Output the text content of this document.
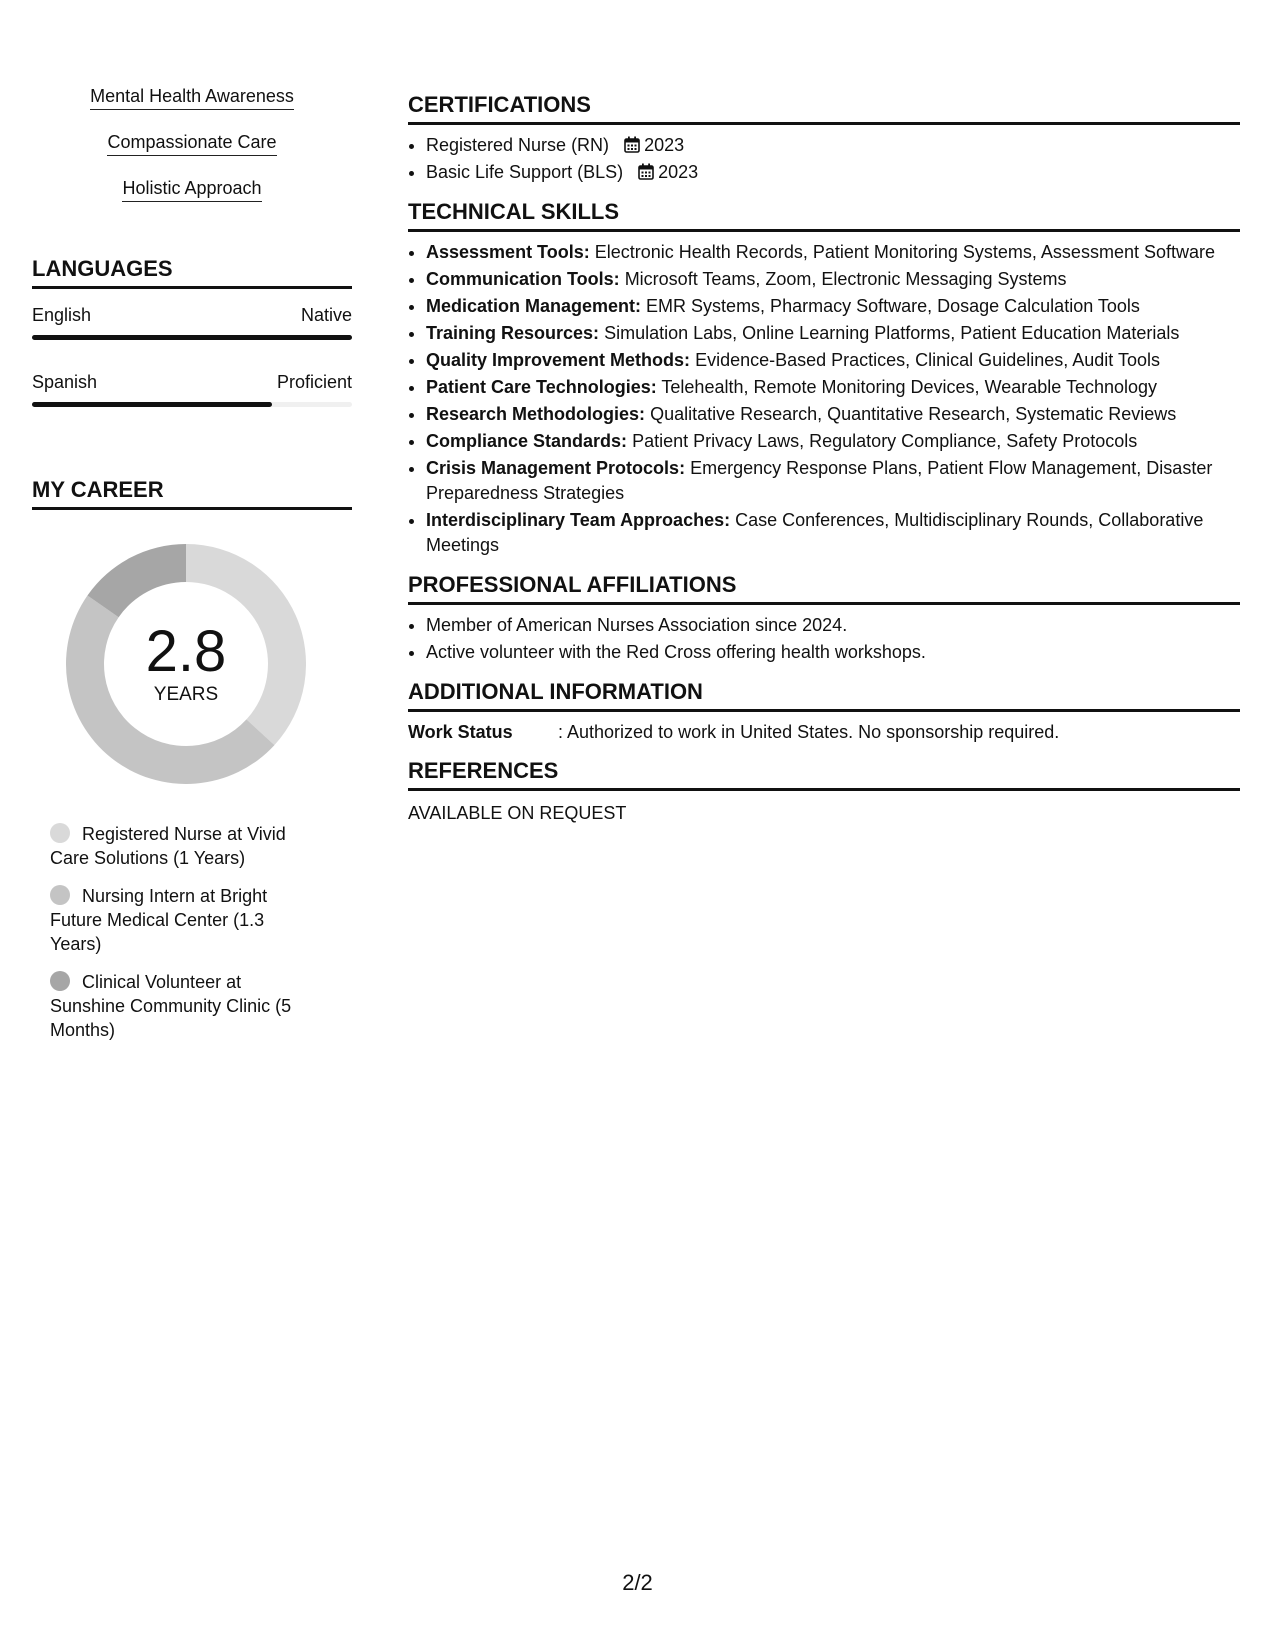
Mental Health Awareness
Compassionate Care
Holistic Approach
LANGUAGES
English	Native
Spanish	Proficient
MY CAREER
2.8
YEARS
Registered Nurse at Vivid Care Solutions (1 Years)
Nursing Intern at Bright Future Medical Center (1.3 Years)
Clinical Volunteer at Sunshine Community Clinic (5 Months)
CERTIFICATIONS
• Registered Nurse (RN) 2023
• Basic Life Support (BLS) 2023
TECHNICAL SKILLS
• Assessment Tools: Electronic Health Records, Patient Monitoring Systems, Assessment Software
• Communication Tools: Microsoft Teams, Zoom, Electronic Messaging Systems
• Medication Management: EMR Systems, Pharmacy Software, Dosage Calculation Tools
• Training Resources: Simulation Labs, Online Learning Platforms, Patient Education Materials
• Quality Improvement Methods: Evidence-Based Practices, Clinical Guidelines, Audit Tools
• Patient Care Technologies: Telehealth, Remote Monitoring Devices, Wearable Technology
• Research Methodologies: Qualitative Research, Quantitative Research, Systematic Reviews
• Compliance Standards: Patient Privacy Laws, Regulatory Compliance, Safety Protocols
• Crisis Management Protocols: Emergency Response Plans, Patient Flow Management, Disaster Preparedness Strategies
• Interdisciplinary Team Approaches: Case Conferences, Multidisciplinary Rounds, Collaborative Meetings
PROFESSIONAL AFFILIATIONS
• Member of American Nurses Association since 2024.
• Active volunteer with the Red Cross offering health workshops.
ADDITIONAL INFORMATION
Work Status	: Authorized to work in United States. No sponsorship required.
REFERENCES
AVAILABLE ON REQUEST
2/2
